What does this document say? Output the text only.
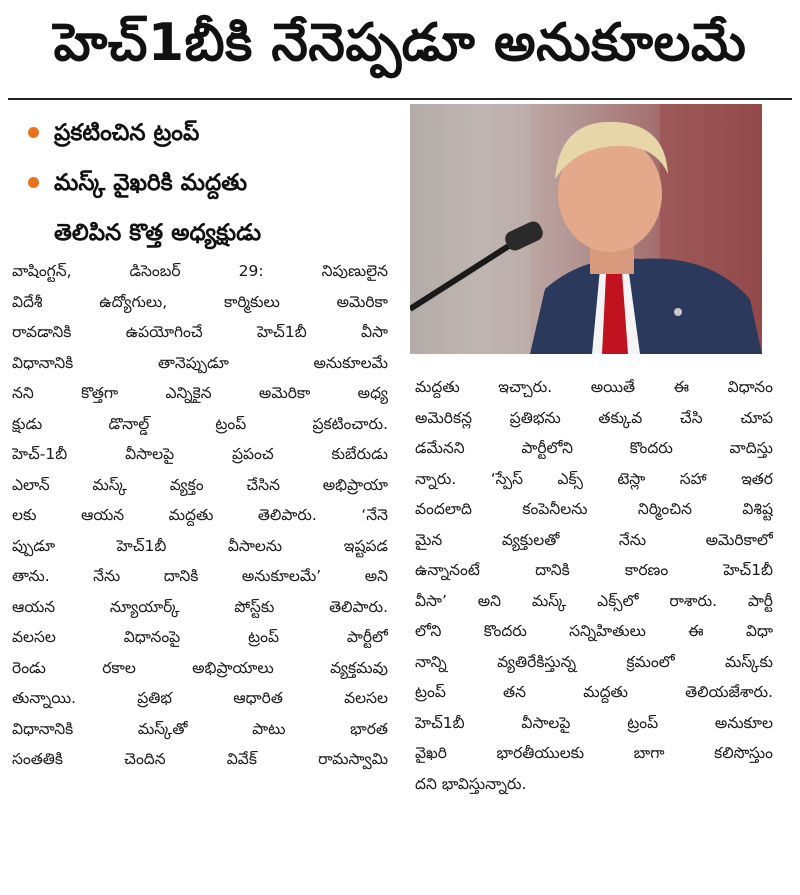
హెచ్1బీకి నేనెప్పడూ అనుకూలమే
ప్రకటించిన ట్రంప్
మస్క్ వైఖరికి మద్దతు
తెలిపిన కొత్త అధ్యక్షుడు
వాషింగ్టన్, డిసెంబర్ 29: నిపుణులైన
విదేశీ ఉద్యోగులు, కార్మికులు అమెరికా
రావడానికి ఉపయోగించే హెచ్1బీ వీసా
విధానానికి తానెప్పుడూ అనుకూలమే
నని కొత్తగా ఎన్నికైన అమెరికా అధ్య
క్షుడు డొనాల్డ్ ట్రంప్ ప్రకటించారు.
హెచ్-1బీ వీసాలపై ప్రపంచ కుబేరుడు
ఎలాన్ మస్క్ వ్యక్తం చేసిన అభిప్రాయా
లకు ఆయన మద్దతు తెలిపారు. ‘నేనె
ప్పుడూ హెచ్1బీ వీసాలను ఇష్టపడ
తాను. నేను దానికి అనుకూలమే’ అని
ఆయన న్యూయార్క్ పోస్ట్‌కు తెలిపారు.
వలసల విధానంపై ట్రంప్ పార్టీలో
రెండు రకాల అభిప్రాయాలు వ్యక్తమవు
తున్నాయి. ప్రతిభ ఆధారిత వలసల
విధానానికి మస్క్‌తో పాటు భారత
సంతతికి చెందిన వివేక్ రామస్వామి
మద్దతు ఇచ్చారు. అయితే ఈ విధానం
అమెరికన్ల ప్రతిభను తక్కువ చేసి చూప
డమేనని పార్టీలోని కొందరు వాదిస్తు
న్నారు. ‘స్పేస్ ఎక్స్ టెస్లా సహా ఇతర
వందలాది కంపెనీలను నిర్మించిన విశిష్ట
మైన వ్యక్తులతో నేను అమెరికాలో
ఉన్నానంటే దానికి కారణం హెచ్1బీ
వీసా’ అని మస్క్ ఎక్స్‌లో రాశారు. పార్టీ
లోని కొందరు సన్నిహితులు ఈ విధా
నాన్ని వ్యతిరేకిస్తున్న క్రమంలో మస్క్‌కు
ట్రంప్ తన మద్దతు తెలియజేశారు.
హెచ్1బీ వీసాలపై ట్రంప్ అనుకూల
వైఖరి భారతీయులకు బాగా కలిసొస్తుం
దని భావిస్తున్నారు.
